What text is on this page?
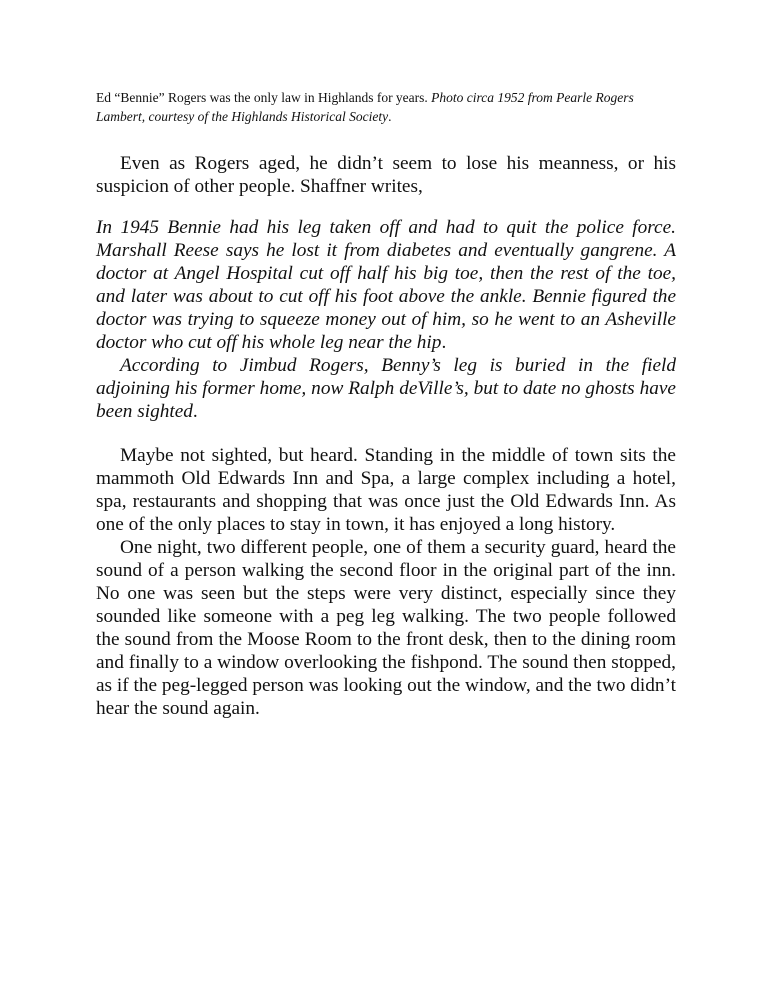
Ed “Bennie” Rogers was the only law in Highlands for years. Photo circa 1952 from Pearle Rogers Lambert, courtesy of the Highlands Historical Society.

Even as Rogers aged, he didn’t seem to lose his meanness, or his suspicion of other people. Shaffner writes,

In 1945 Bennie had his leg taken off and had to quit the police force. Marshall Reese says he lost it from diabetes and eventually gangrene. A doctor at Angel Hospital cut off half his big toe, then the rest of the toe, and later was about to cut off his foot above the ankle. Bennie figured the doctor was trying to squeeze money out of him, so he went to an Asheville doctor who cut off his whole leg near the hip.

According to Jimbud Rogers, Benny’s leg is buried in the field adjoining his former home, now Ralph deVille’s, but to date no ghosts have been sighted.

Maybe not sighted, but heard. Standing in the middle of town sits the mammoth Old Edwards Inn and Spa, a large complex including a hotel, spa, restaurants and shopping that was once just the Old Edwards Inn. As one of the only places to stay in town, it has enjoyed a long history.

One night, two different people, one of them a security guard, heard the sound of a person walking the second floor in the original part of the inn. No one was seen but the steps were very distinct, especially since they sounded like someone with a peg leg walking. The two people followed the sound from the Moose Room to the front desk, then to the dining room and finally to a window overlooking the fishpond. The sound then stopped, as if the peg-legged person was looking out the window, and the two didn’t hear the sound again.
